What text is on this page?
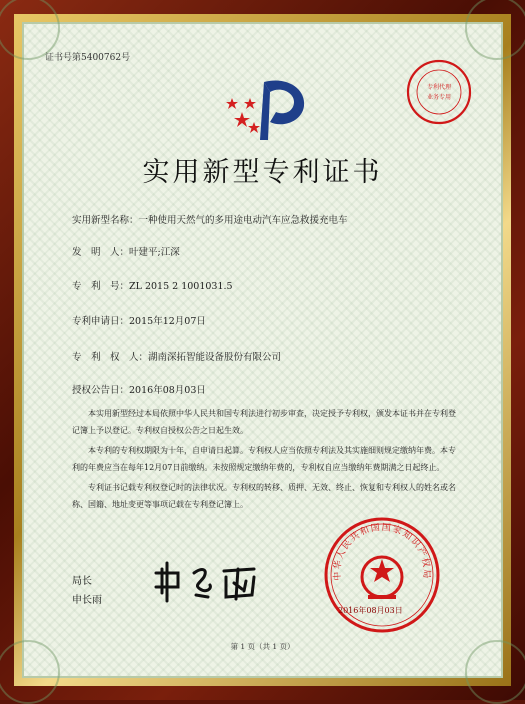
证书号第5400762号
专利代理
业务专用
实用新型专利证书
实用新型名称：一种使用天然气的多用途电动汽车应急救援充电车
发　明　人：叶建平;江深
专　利　号：ZL 2015 2 1001031.5
专利申请日：2015年12月07日
专　利　权　人：湖南深拓智能设备股份有限公司
授权公告日：2016年08月03日

本实用新型经过本局依照中华人民共和国专利法进行初步审查，决定授予专利权，颁发本证书并在专利登记簿上予以登记。专利权自授权公告之日起生效。

本专利的专利权期限为十年，自申请日起算。专利权人应当依照专利法及其实施细则规定缴纳年费。本专利的年费应当在每年12月07日前缴纳。未按照规定缴纳年费的，专利权自应当缴纳年费期满之日起终止。

专利证书记载专利权登记时的法律状况。专利权的转移、质押、无效、终止、恢复和专利权人的姓名或名称、国籍、地址变更等事项记载在专利登记簿上。

局长
申长雨
中华人民共和国国家知识产权局
2016年08月03日
第 1 页（共 1 页）
